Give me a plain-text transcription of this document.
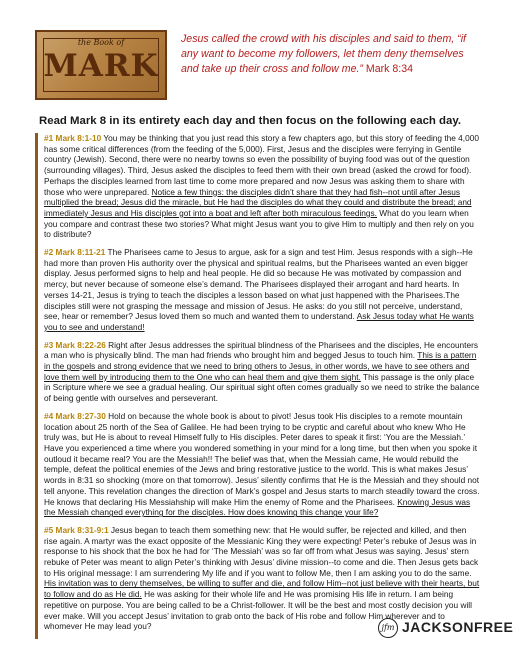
the Book of
MARK
Jesus called the crowd with his disciples and said to them, “if any want to become my followers, let them deny themselves and take up their cross and follow me.” Mark 8:34
Read Mark 8 in its entirety each day and then focus on the following each day.

#1 Mark 8:1-10 You may be thinking that you just read this story a few chapters ago, but this story of feeding the 4,000 has some critical differences (from the feeding of the 5,000). First, Jesus and the disciples were ferrying in Gentile country (Jewish). Second, there were no nearby towns so even the possibility of buying food was out of the question (surrounding villages). Third, Jesus asked the disciples to feed them with their own bread (asked the crowd for food). Perhaps the disciples learned from last time to come more prepared and now Jesus was asking them to share with those who were unprepared. Notice a few things: the disciples didn’t share that they had fish--not until after Jesus multiplied the bread; Jesus did the miracle, but He had the disciples do what they could and distribute the bread; and immediately Jesus and His disciples got into a boat and left after both miraculous feedings. What do you learn when you compare and contrast these two stories? What might Jesus want you to give Him to multiply and then rely on you to distribute?

#2 Mark 8:11-21 The Pharisees came to Jesus to argue, ask for a sign and test Him. Jesus responds with a sigh--He had more than proven His authority over the physical and spiritual realms, but the Pharisees wanted an even bigger display. Jesus performed signs to help and heal people. He did so because He was motivated by compassion and mercy, but never because of someone else’s demand. The Pharisees displayed their arrogant and hard hearts. In verses 14-21, Jesus is trying to teach the disciples a lesson based on what just happened with the Pharisees.The disciples still were not grasping the message and mission of Jesus. He asks: do you still not perceive, understand, see, hear or remember? Jesus loved them so much and wanted them to understand. Ask Jesus today what He wants you to see and understand!

#3 Mark 8:22-26 Right after Jesus addresses the spiritual blindness of the Pharisees and the disciples, He encounters a man who is physically blind. The man had friends who brought him and begged Jesus to touch him. This is a pattern in the gospels and strong evidence that we need to bring others to Jesus, in other words, we have to see others and love them well by introducing them to the One who can heal them and give them sight. This passage is the only place in Scripture where we see a gradual healing. Our spiritual sight often comes gradually so we need to strike the balance of being gentle with ourselves and perseverant.

#4 Mark 8:27-30 Hold on because the whole book is about to pivot! Jesus took His disciples to a remote mountain location about 25 north of the Sea of Galilee. He had been trying to be cryptic and careful about who knew Who He truly was, but He is about to reveal Himself fully to His disciples. Peter dares to speak it first: ‘You are the Messiah.’ Have you experienced a time where you wondered something in your mind for a long time, but then when you spoke it outloud it became real? You are the Messiah!! The belief was that, when the Messiah came, He would rebuild the temple, defeat the political enemies of the Jews and bring restorative justice to the world. This is what makes Jesus’ words in 8:31 so shocking (more on that tomorrow). Jesus’ silently confirms that He is the Messiah and they should not tell anyone. This revelation changes the direction of Mark’s gospel and Jesus starts to march steadily toward the cross. He knows that declaring His Messiahship will make Him the enemy of Rome and the Pharisees. Knowing Jesus was the Messiah changed everything for the disciples. How does knowing this change your life?

#5 Mark 8:31-9:1 Jesus began to teach them something new: that He would suffer, be rejected and killed, and then rise again. A martyr was the exact opposite of the Messianic King they were expecting! Peter’s rebuke of Jesus was in response to his shock that the box he had for ‘The Messiah’ was so far off from what Jesus was saying. Jesus’ stern rebuke of Peter was meant to align Peter’s thinking with Jesus’ divine mission--to come and die. Then Jesus gets back to His original message: I am surrendering My life and if you want to follow Me, then I am asking you to do the same. His invitation was to deny themselves, be willing to suffer and die, and follow Him--not just believe with their hearts, but to follow and do as He did. He was asking for their whole life and He was promising His life in return. I am being repetitive on purpose. You are being called to be a Christ-follower. It will be the best and most costly decision you will ever make. Will you accept Jesus’ invitation to grab onto the back of His robe and follow Him wherever and to whomever He may lead you?	jfm JACKSONFREE
